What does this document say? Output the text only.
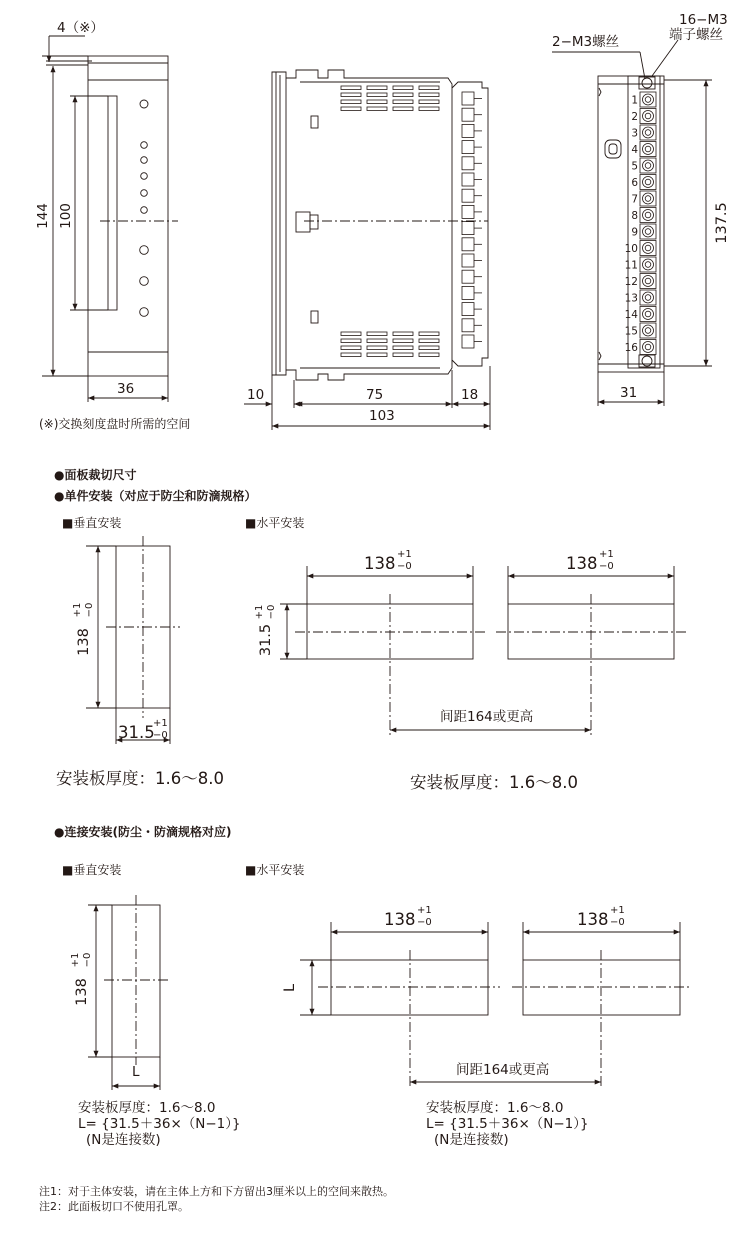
1
2
3
4
5
6
7
8
9
10
11
12
13
14
15
16
144 100	137.5
138
+1 −0
31.5
+1 −0
138
+1 −0
L
4（※）
36	10	75	18
103
2−M3螺丝
16−M3
端子螺丝
31
(※)交换刻度盘时所需的空间
●面板裁切尺寸
●单件安装（对应于防尘和防滴规格）
■垂直安装	■水平安装
31.5
+1
−0
138 +1
−0	138 +1
−0
间距164或更高
安装板厚度：1.6～8.0	安装板厚度：1.6～8.0
●连接安装(防尘・防滴规格对应)
■垂直安装	■水平安装
L
138 +1
−0	138 +1
−0
间距164或更高
安装板厚度：1.6～8.0
L= {31.5＋36×（N−1）}
(N是连接数)
安装板厚度：1.6～8.0
L= {31.5＋36×（N−1）}
(N是连接数)
注1：对于主体安装，请在主体上方和下方留出3厘米以上的空间来散热。
注2：此面板切口不使用孔罩。
